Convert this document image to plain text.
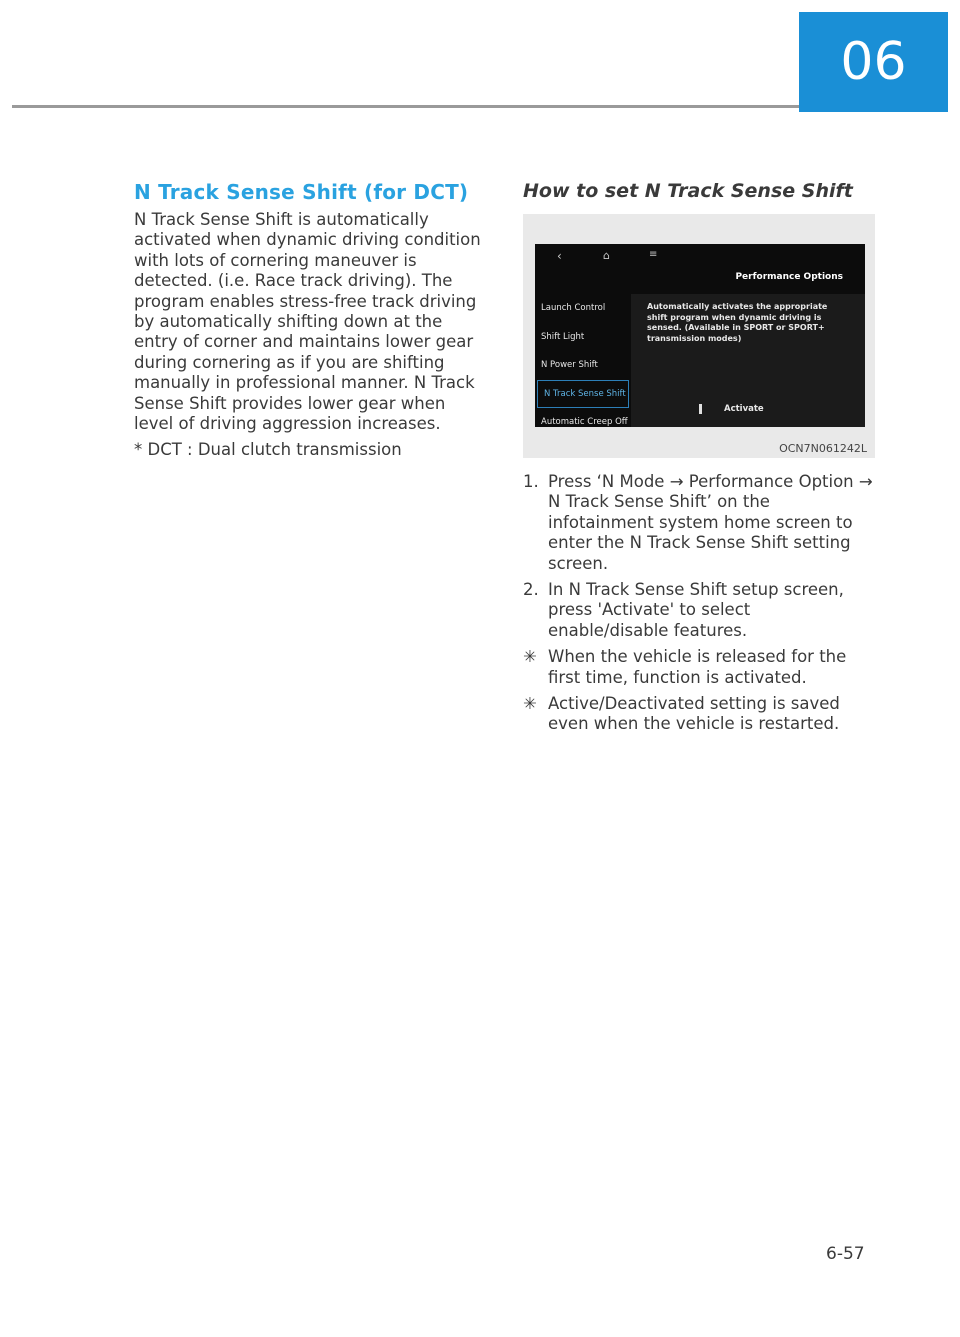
06
N Track Sense Shift (for DCT)

N Track Sense Shift is automatically activated when dynamic driving condition with lots of cornering maneuver is detected. (i.e. Race track driving). The program enables stress-free track driving by automatically shifting down at the entry of corner and maintains lower gear during cornering as if you are shifting manually in professional manner. N Track Sense Shift provides lower gear when level of driving aggression increases.

* DCT : Dual clutch transmission

How to set N Track Sense Shift
‹	⌂	≡
Performance Options
Automatically activates the appropriate shift program when dynamic driving is sensed. (Available in SPORT or SPORT+ transmission modes)
Activate
Launch Control
Shift Light
N Power Shift
N Track Sense Shift
Automatic Creep Off
OCN7N061242L
1. Press ‘N Mode → Performance Option → N Track Sense Shift’ on the infotainment system home screen to enter the N Track Sense Shift setting screen.
2. In N Track Sense Shift setup screen, press 'Activate' to select enable/disable features.
✳ When the vehicle is released for the first time, function is activated.
✳ Active/Deactivated setting is saved even when the vehicle is restarted.
6-57
